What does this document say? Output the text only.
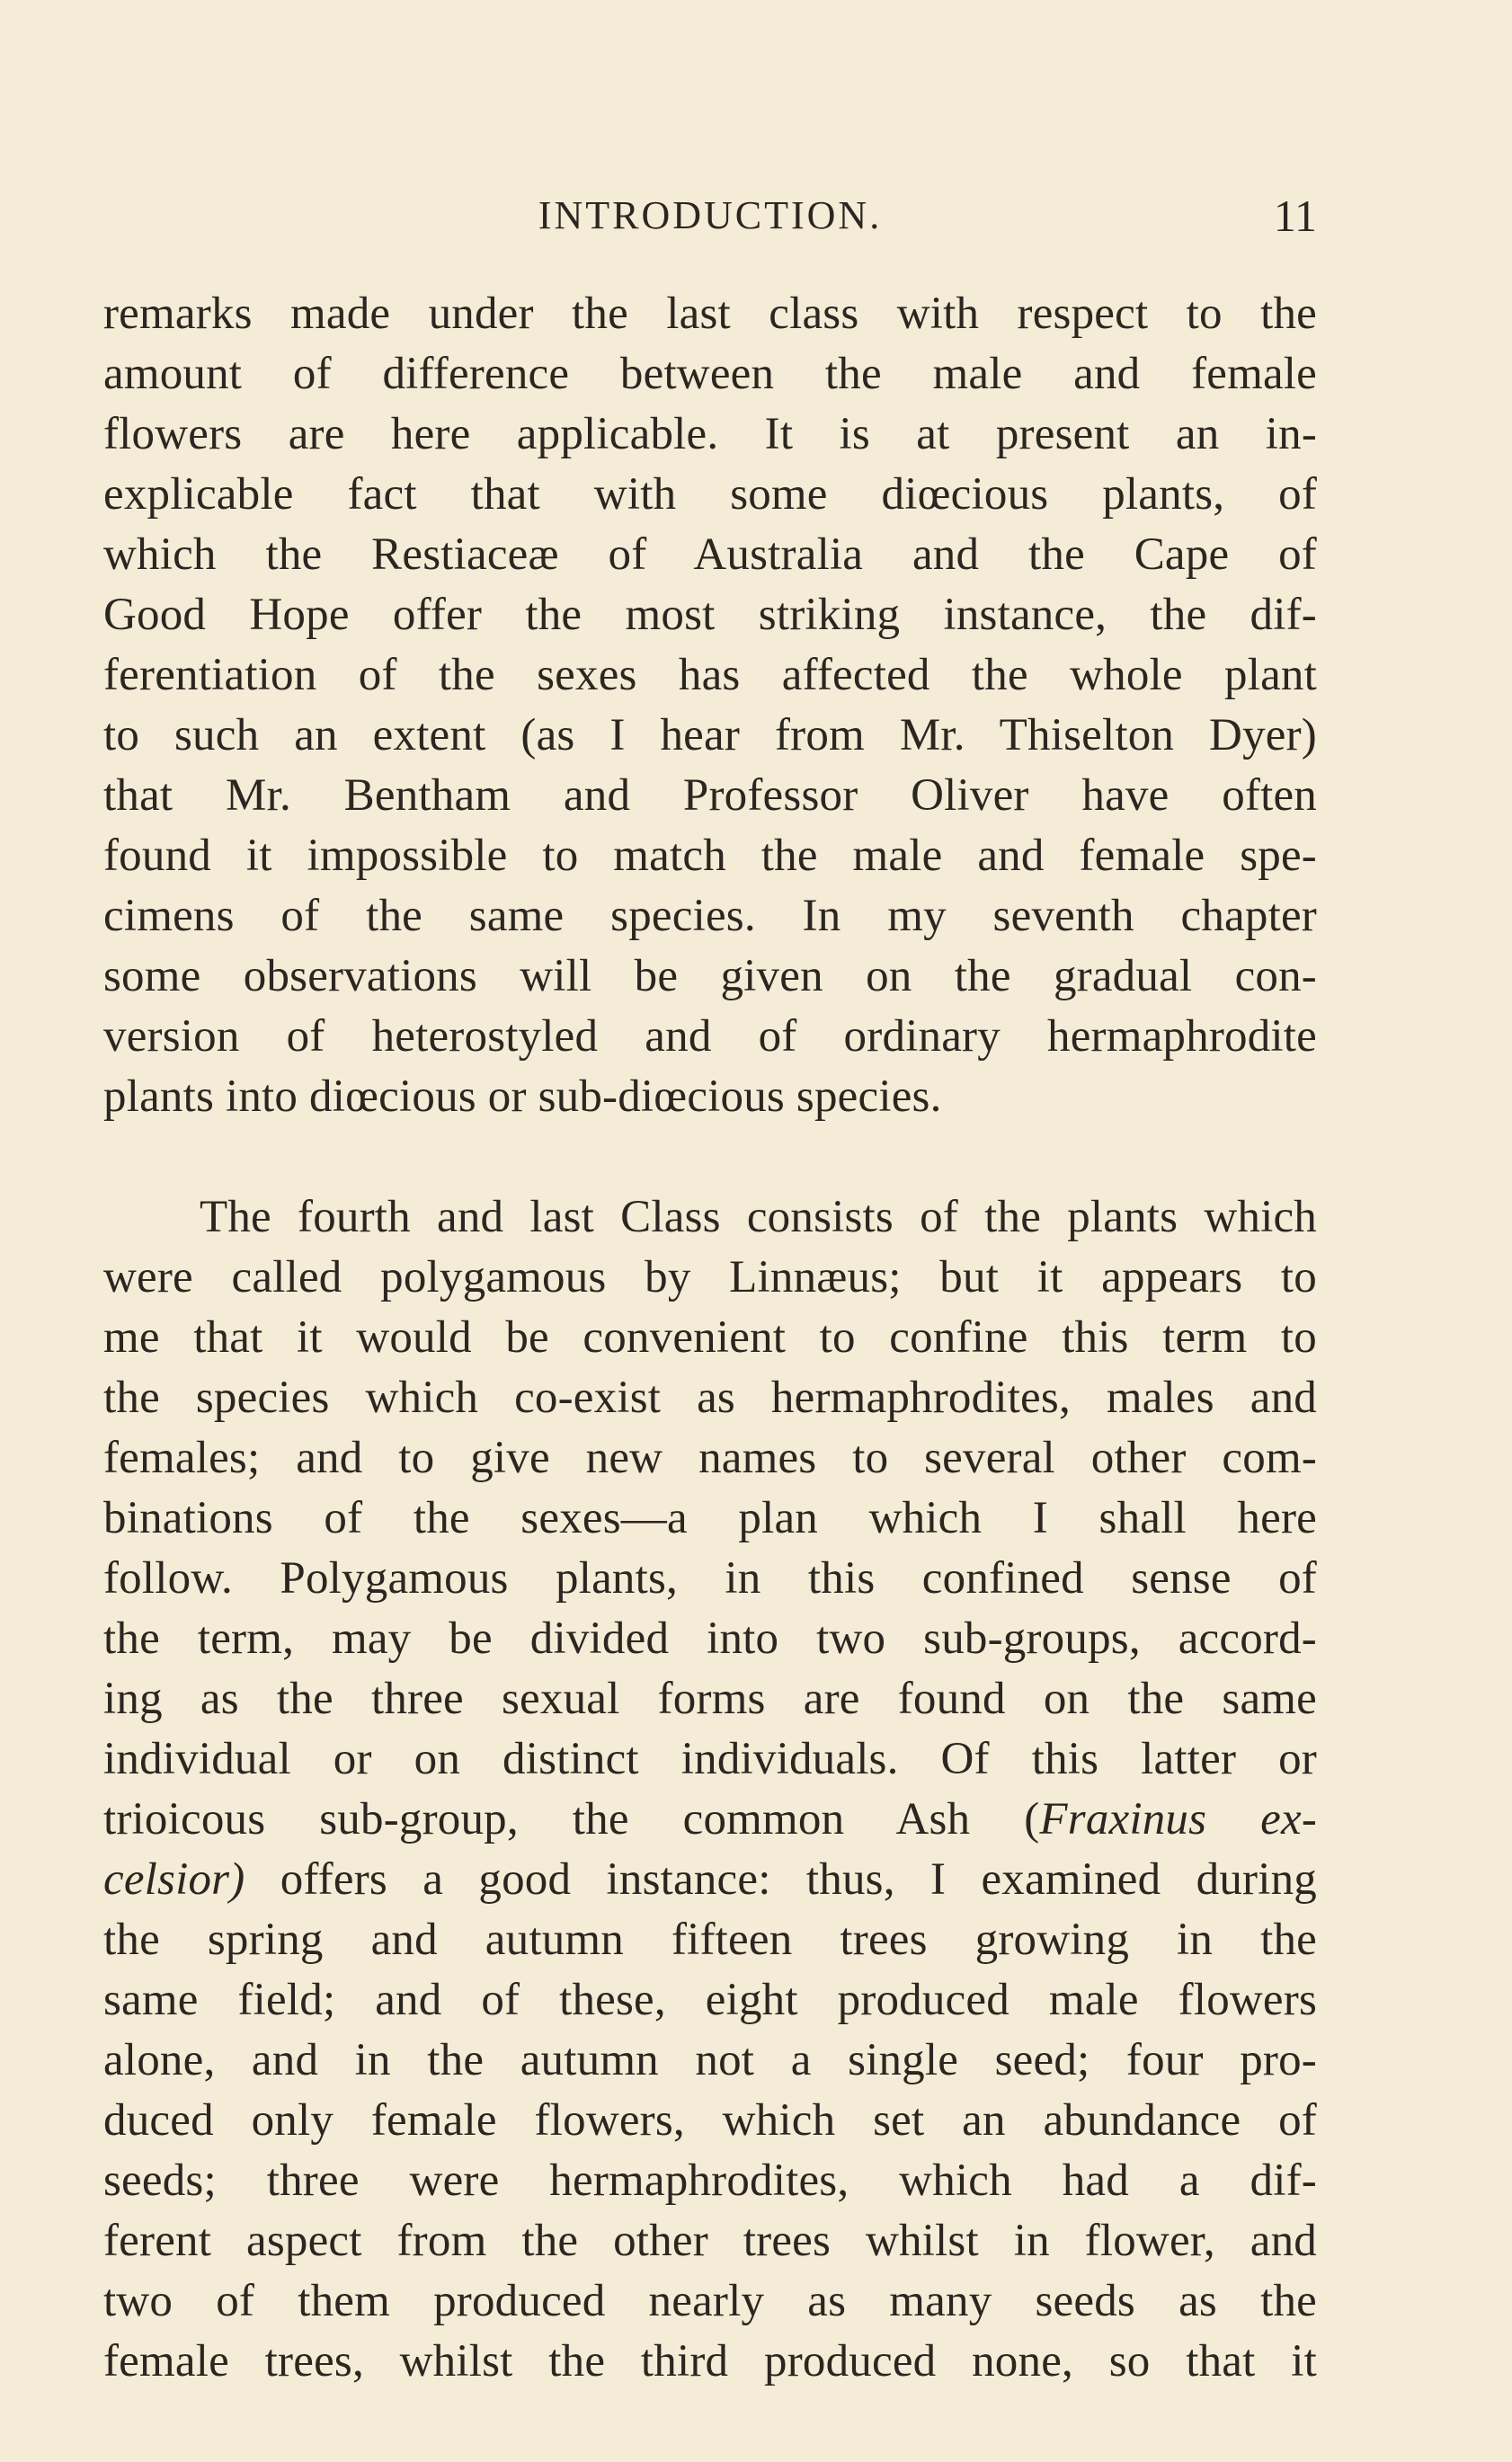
INTRODUCTION.	11
remarks made under the last class with respect to the
amount of difference between the male and female
flowers are here applicable. It is at present an in-
explicable fact that with some diœcious plants, of
which the Restiaceæ of Australia and the Cape of
Good Hope offer the most striking instance, the dif-
ferentiation of the sexes has affected the whole plant
to such an extent (as I hear from Mr. Thiselton Dyer)
that Mr. Bentham and Professor Oliver have often
found it impossible to match the male and female spe-
cimens of the same species. In my seventh chapter
some observations will be given on the gradual con-
version of heterostyled and of ordinary hermaphrodite
plants into diœcious or sub-diœcious species.
The fourth and last Class consists of the plants which
were called polygamous by Linnæus; but it appears to
me that it would be convenient to confine this term to
the species which co-exist as hermaphrodites, males and
females; and to give new names to several other com-
binations of the sexes—a plan which I shall here
follow. Polygamous plants, in this confined sense of
the term, may be divided into two sub-groups, accord-
ing as the three sexual forms are found on the same
individual or on distinct individuals. Of this latter or
trioicous sub-group, the common Ash (Fraxinus ex-
celsior) offers a good instance: thus, I examined during
the spring and autumn fifteen trees growing in the
same field; and of these, eight produced male flowers
alone, and in the autumn not a single seed; four pro-
duced only female flowers, which set an abundance of
seeds; three were hermaphrodites, which had a dif-
ferent aspect from the other trees whilst in flower, and
two of them produced nearly as many seeds as the
female trees, whilst the third produced none, so that it
